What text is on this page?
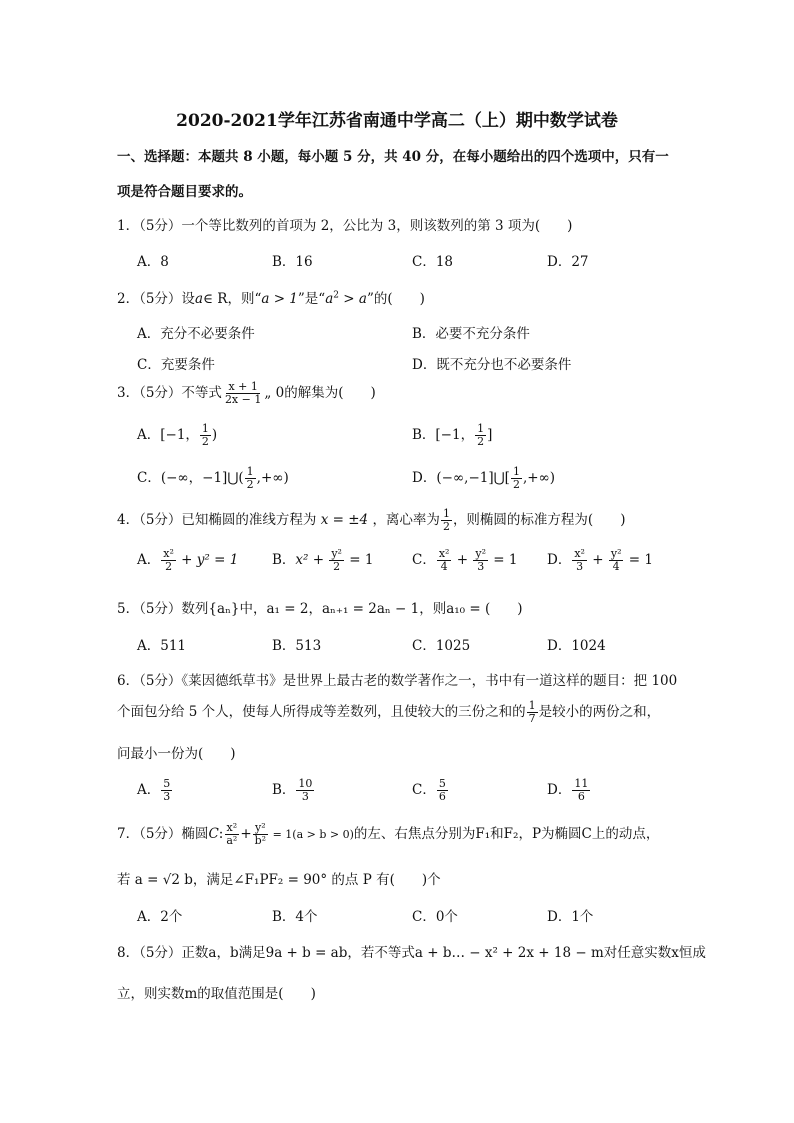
2020-2021学年江苏省南通中学高二（上）期中数学试卷
一、选择题：本题共 8 小题，每小题 5 分，共 40 分，在每小题给出的四个选项中，只有一
项是符合题目要求的。
1．（5分）一个等比数列的首项为 2，公比为 3，则该数列的第 3 项为(　　)
A．8	B．16	C．18	D．27
2．（5分）设a∈ R，则“a > 1”是“$a^2 > a$”的(　　)
A．充分不必要条件	B．必要不充分条件
C．充要条件	D．既不充分也不必要条件
3．（5分）不等式 $\frac{x + 1}{2x - 1}$ „ 0的解集为(　　)
A．[−1， $\frac{1}{2}$ )	B．[−1， $\frac{1}{2}$ ]
C．(−∞，−1]⋃( $\frac{1}{2}$ ,+∞)	D．(−∞,−1]⋃[ $\frac{1}{2}$ ,+∞)
4．（5分）已知椭圆的准线方程为 x = ±4 ，离心率为 $\frac{1}{2}$ ，则椭圆的标准方程为(　　)
A． $\frac{\text{x²}}{2} + y^2 = 1$ B．$x^2 + \frac{\text{y²}}{2} = 1$	C． $\frac{\text{x²}}{4} + \frac{\text{y²}}{3} = 1$ D． $\frac{\text{x²}}{3} + \frac{\text{y²}}{4} = 1$
5．（5分）数列{aₙ}中，a₁ = 2，aₙ₊₁ = 2aₙ − 1，则a₁₀ = (　　)
A．511	B．513	C．1025	D．1024
6．（5分）《莱因德纸草书》是世界上最古老的数学著作之一，书中有一道这样的题目：把 100
个面包分给 5 个人，使每人所得成等差数列，且使较大的三份之和的 $\frac{1}{7}$ 是较小的两份之和，
问最小一份为(　　)
A． $\frac{5}{3}$	B． $\frac{10}{3}$	C． $\frac{5}{6}$	D． $\frac{11}{6}$
7．（5分）椭圆C: $\frac{\text{x²}}{\text{a²}} + \frac{\text{y²}}{\text{b²}} = 1(a > b > 0)$的左、右焦点分别为F₁和F₂，P为椭圆C上的动点，
若 a = √2 b，满足∠F₁PF₂ = 90° 的点 P 有(　　)个
A．2个	B．4个	C．0个	D．1个
8．（5分）正数a，b满足9a + b = ab，若不等式a + b… − x² + 2x + 18 − m对任意实数x恒成
立，则实数m的取值范围是(　　)
